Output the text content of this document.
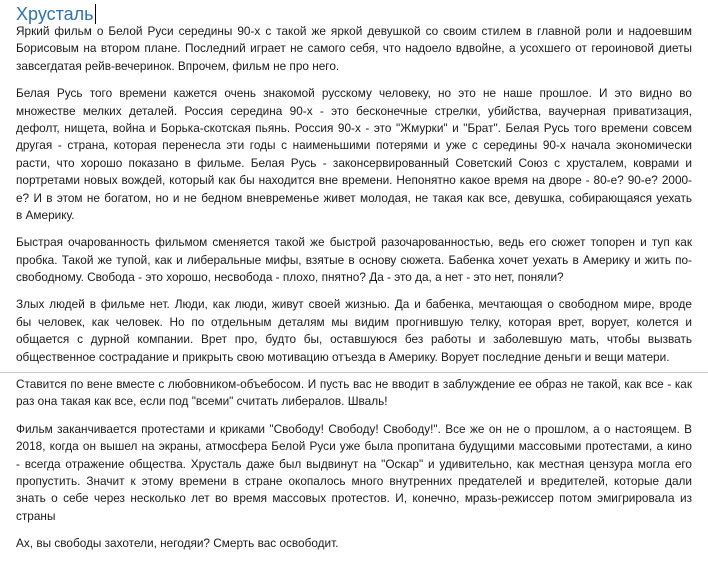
Хрусталь
Яркий фильм о Белой Руси середины 90-х с такой же яркой девушкой со своим стилем в главной роли и надоевшим
Борисовым на втором плане. Последний играет не самого себя, что надоело вдвойне, а усохшего от героиновой диеты
завсегдатая рейв-вечеринок. Впрочем, фильм не про него.
Белая Русь того времени кажется очень знакомой русскому человеку, но это не наше прошлое. И это видно во
множестве мелких деталей. Россия середина 90-х - это бесконечные стрелки, убийства, ваучерная приватизация,
дефолт, нищета, война и Борька-скотская пьянь. Россия 90-х - это "Жмурки" и "Брат". Белая Русь того времени совсем
другая - страна, которая перенесла эти годы с наименьшими потерями и уже с середины 90-х начала экономически
расти, что хорошо показано в фильме. Белая Русь - законсервированный Советский Союз с хрусталем, коврами и
портретами новых вождей, который как бы находится вне времени. Непонятно какое время на дворе - 80-е? 90-е? 2000-
е? И в этом не богатом, но и не бедном вневременье живет молодая, не такая как все, девушка, собирающаяся уехать
в Америку.
Быстрая очарованность фильмом сменяется такой же быстрой разочарованностью, ведь его сюжет топорен и туп как
пробка. Такой же тупой, как и либеральные мифы, взятые в основу сюжета. Бабенка хочет уехать в Америку и жить по-
свободному. Свобода - это хорошо, несвобода - плохо, пнятно? Да - это да, а нет - это нет, поняли?
Злых людей в фильме нет. Люди, как люди, живут своей жизнью. Да и бабенка, мечтающая о свободном мире, вроде
бы человек, как человек. Но по отдельным деталям мы видим прогнившую телку, которая врет, ворует, колется и
общается с дурной компании. Врет про, будто бы, оставшуюся без работы и заболевшую мать, чтобы вызвать
общественное сострадание и прикрыть свою мотивацию отъезда в Америку. Ворует последние деньги и вещи матери.
Ставится по вене вместе с любовником-объебосом. И пусть вас не вводит в заблуждение ее образ не такой, как все - как
раз она такая как все, если под "всеми" считать либералов. Шваль!
Фильм заканчивается протестами и криками "Свободу! Свободу! Свободу!". Все же он не о прошлом, а о настоящем. В
2018, когда он вышел на экраны, атмосфера Белой Руси уже была пропитана будущими массовыми протестами, а кино
- всегда отражение общества. Хрусталь даже был выдвинут на "Оскар" и удивительно, как местная цензура могла его
пропустить. Значит к этому времени в стране окопалось много внутренних предателей и вредителей, которые дали
знать о себе через несколько лет во время массовых протестов. И, конечно, мразь-режиссер потом эмигрировала из
страны
Ах, вы свободы захотели, негодяи? Смерть вас освободит.
